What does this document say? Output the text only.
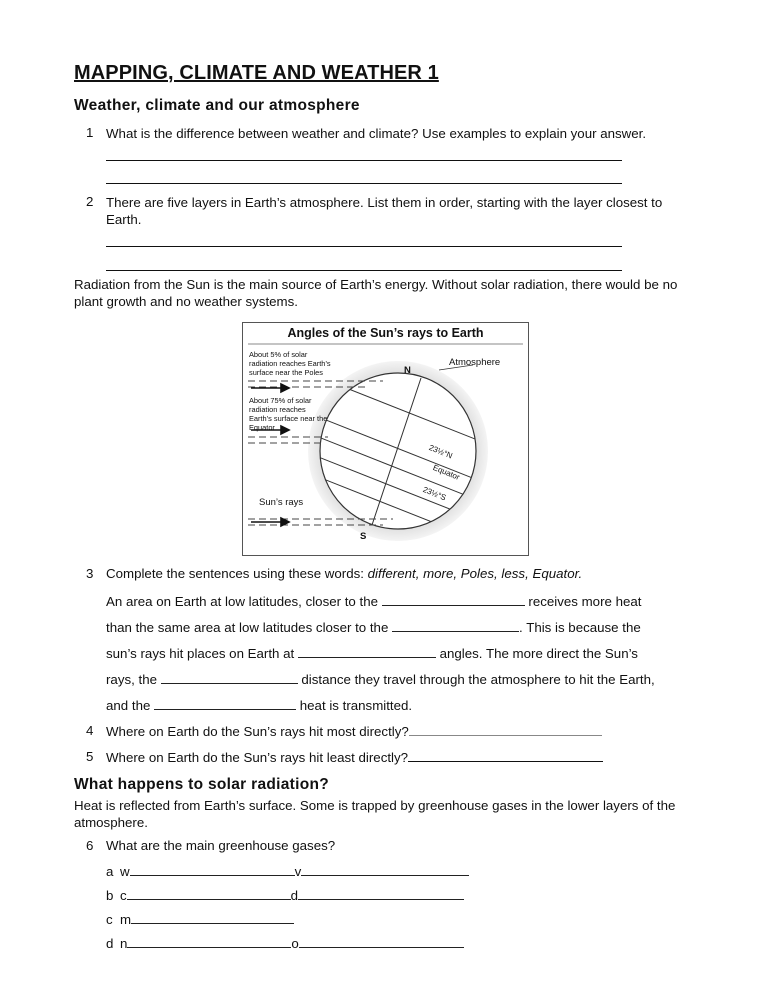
MAPPING, CLIMATE AND WEATHER 1
Weather, climate and our atmosphere
1 What is the difference between weather and climate? Use examples to explain your answer.
2 There are five layers in Earth’s atmosphere. List them in order, starting with the layer closest to Earth.
Radiation from the Sun is the main source of Earth’s energy. Without solar radiation, there would be no plant growth and no weather systems.
Angles of the Sun’s rays to Earth
About 5% of solar radiation reaches Earth’s surface near the Poles
About 75% of solar radiation reaches Earth’s surface near the Equator
Atmosphere
N
S
23½°N
Equator
23½°S
Sun’s rays
3 Complete the sentences using these words: different, more, Poles, less, Equator.
An area on Earth at low latitudes, closer to the	receives more heat
than the same area at low latitudes closer to the	. This is because the
sun’s rays hit places on Earth at	angles. The more direct the Sun’s
rays, the	distance they travel through the atmosphere to hit the Earth,
and the	heat is transmitted.
4 Where on Earth do the Sun’s rays hit most directly?
5 Where on Earth do the Sun’s rays hit least directly?
What happens to solar radiation?
Heat is reflected from Earth’s surface. Some is trapped by greenhouse gases in the lower layers of the atmosphere.
6 What are the main greenhouse gases?
a w	v
b c	d
c m
d n	o
